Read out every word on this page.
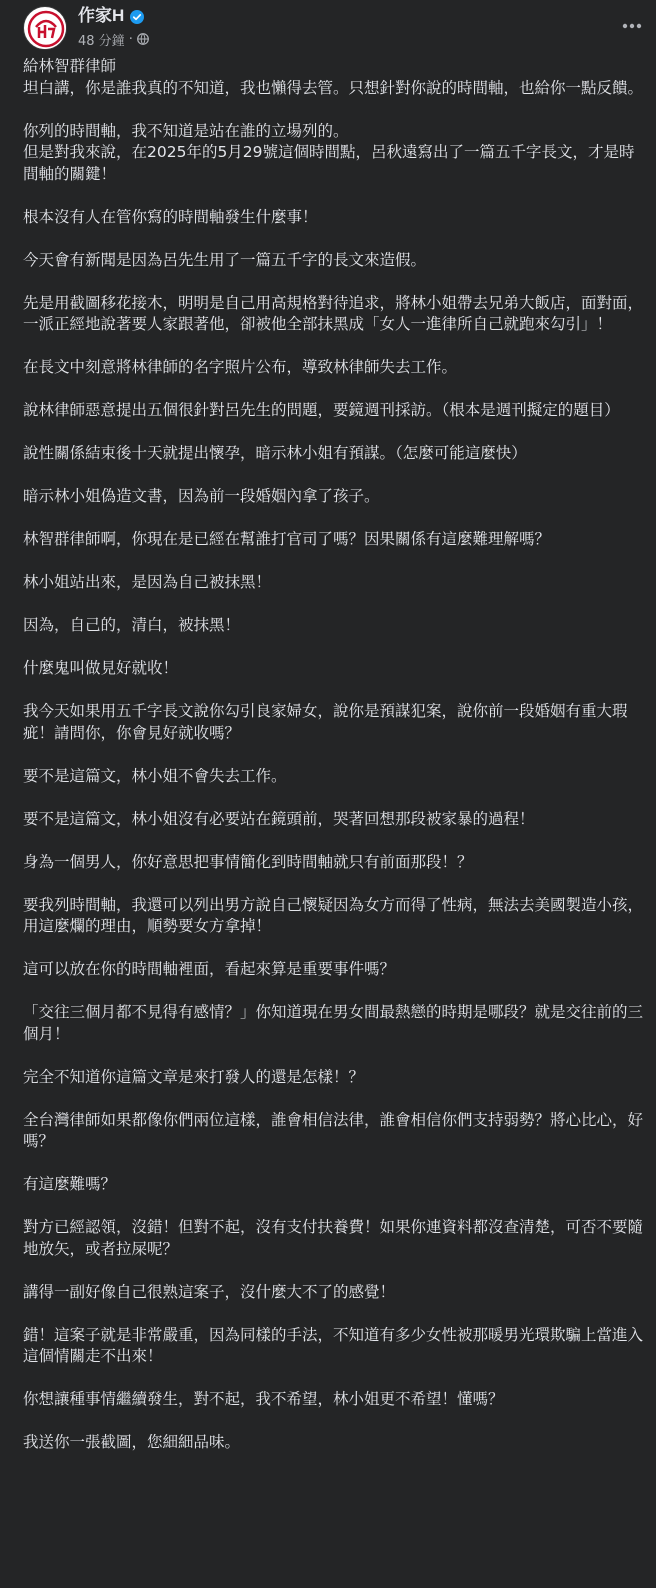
作家H
48 分鐘 ·

給林智群律師
坦白講，你是誰我真的不知道，我也懶得去管。只想針對你說的時間軸，也給你一點反饋。

你列的時間軸，我不知道是站在誰的立場列的。
但是對我來說，在2025年的5月29號這個時間點，呂秋遠寫出了一篇五千字長文，才是時間軸的關鍵！

根本沒有人在管你寫的時間軸發生什麼事！

今天會有新聞是因為呂先生用了一篇五千字的長文來造假。

先是用截圖移花接木，明明是自己用高規格對待追求，將林小姐帶去兄弟大飯店，面對面，一派正經地說著要人家跟著他，卻被他全部抹黑成「女人一進律所自己就跑來勾引」！

在長文中刻意將林律師的名字照片公布，導致林律師失去工作。

說林律師惡意提出五個很針對呂先生的問題，要鏡週刊採訪。（根本是週刊擬定的題目）

說性關係結束後十天就提出懷孕，暗示林小姐有預謀。（怎麼可能這麼快）

暗示林小姐偽造文書，因為前一段婚姻內拿了孩子。

林智群律師啊，你現在是已經在幫誰打官司了嗎？因果關係有這麼難理解嗎？

林小姐站出來，是因為自己被抹黑！

因為，自己的，清白，被抹黑！

什麼鬼叫做見好就收！

我今天如果用五千字長文說你勾引良家婦女，說你是預謀犯案，說你前一段婚姻有重大瑕疵！請問你，你會見好就收嗎？

要不是這篇文，林小姐不會失去工作。

要不是這篇文，林小姐沒有必要站在鏡頭前，哭著回想那段被家暴的過程！

身為一個男人，你好意思把事情簡化到時間軸就只有前面那段！？

要我列時間軸，我還可以列出男方說自己懷疑因為女方而得了性病，無法去美國製造小孩，用這麼爛的理由，順勢要女方拿掉！

這可以放在你的時間軸裡面，看起來算是重要事件嗎？

「交往三個月都不見得有感情？」你知道現在男女間最熱戀的時期是哪段？就是交往前的三個月！

完全不知道你這篇文章是來打發人的還是怎樣！？

全台灣律師如果都像你們兩位這樣，誰會相信法律，誰會相信你們支持弱勢？將心比心，好嗎？

有這麼難嗎？

對方已經認領，沒錯！但對不起，沒有支付扶養費！如果你連資料都沒查清楚，可否不要隨地放矢，或者拉屎呢？

講得一副好像自己很熟這案子，沒什麼大不了的感覺！

錯！這案子就是非常嚴重，因為同樣的手法，不知道有多少女性被那暖男光環欺騙上當進入這個情關走不出來！

你想讓種事情繼續發生，對不起，我不希望，林小姐更不希望！懂嗎？

我送你一張截圖，您細細品味。
